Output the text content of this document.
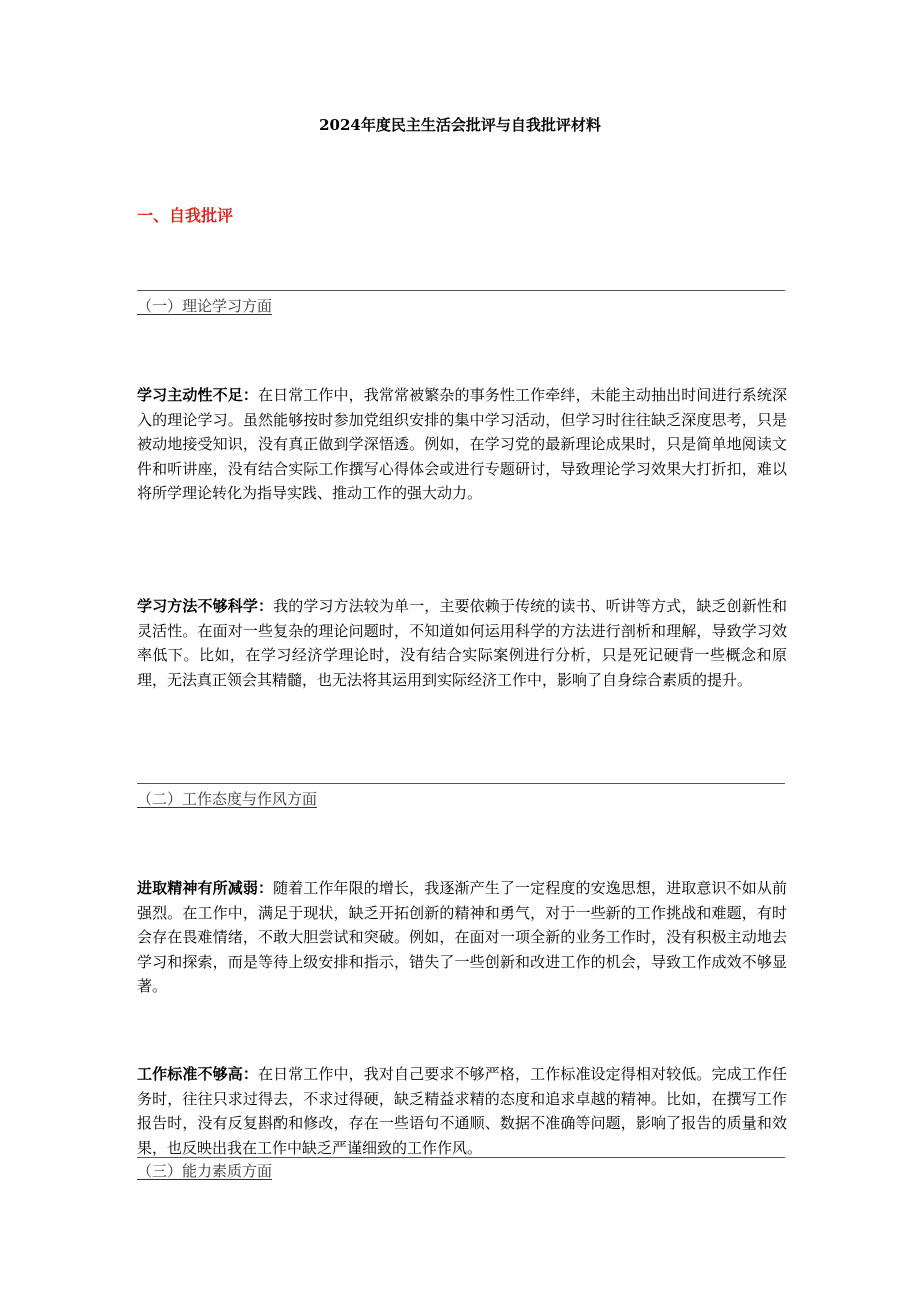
2024年度民主生活会批评与自我批评材料
一、自我批评
（一）理论学习方面
学习主动性不足：在日常工作中，我常常被繁杂的事务性工作牵绊，未能主动抽出时间进行系统深入的理论学习。虽然能够按时参加党组织安排的集中学习活动，但学习时往往缺乏深度思考，只是被动地接受知识，没有真正做到学深悟透。例如，在学习党的最新理论成果时，只是简单地阅读文件和听讲座，没有结合实际工作撰写心得体会或进行专题研讨，导致理论学习效果大打折扣，难以将所学理论转化为指导实践、推动工作的强大动力。
学习方法不够科学：我的学习方法较为单一，主要依赖于传统的读书、听讲等方式，缺乏创新性和灵活性。在面对一些复杂的理论问题时，不知道如何运用科学的方法进行剖析和理解，导致学习效率低下。比如，在学习经济学理论时，没有结合实际案例进行分析，只是死记硬背一些概念和原理，无法真正领会其精髓，也无法将其运用到实际经济工作中，影响了自身综合素质的提升。
（二）工作态度与作风方面
进取精神有所减弱：随着工作年限的增长，我逐渐产生了一定程度的安逸思想，进取意识不如从前强烈。在工作中，满足于现状，缺乏开拓创新的精神和勇气，对于一些新的工作挑战和难题，有时会存在畏难情绪，不敢大胆尝试和突破。例如，在面对一项全新的业务工作时，没有积极主动地去学习和探索，而是等待上级安排和指示，错失了一些创新和改进工作的机会，导致工作成效不够显著。
工作标准不够高：在日常工作中，我对自己要求不够严格，工作标准设定得相对较低。完成工作任务时，往往只求过得去，不求过得硬，缺乏精益求精的态度和追求卓越的精神。比如，在撰写工作报告时，没有反复斟酌和修改，存在一些语句不通顺、数据不准确等问题，影响了报告的质量和效果，也反映出我在工作中缺乏严谨细致的工作作风。
（三）能力素质方面
